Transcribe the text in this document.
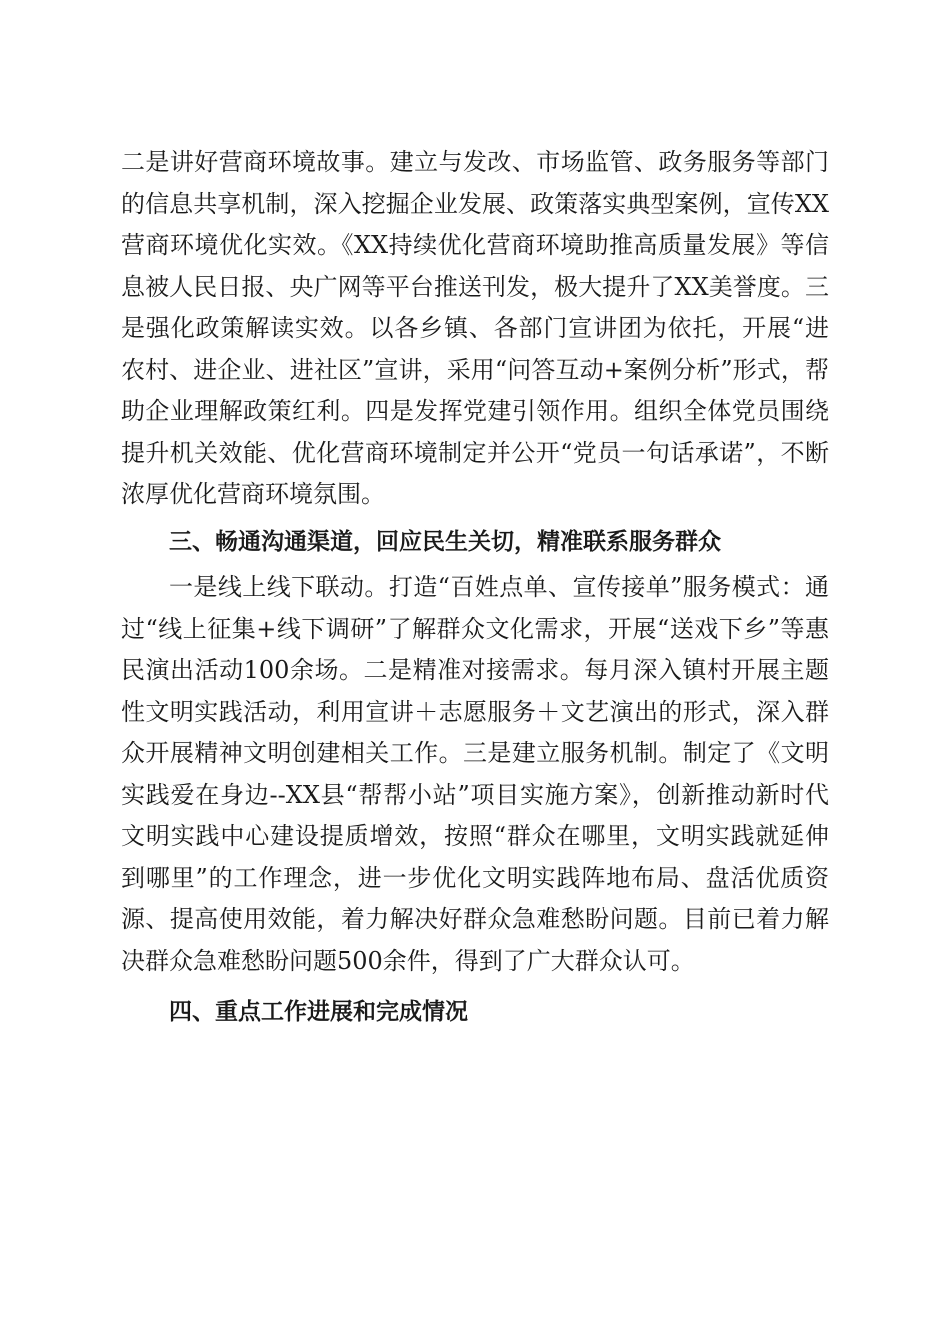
二是讲好营商环境故事。建立与发改、市场监管、政务服务等部门的信息共享机制，深入挖掘企业发展、政策落实典型案例，宣传XX营商环境优化实效。《XX持续优化营商环境助推高质量发展》等信息被人民日报、央广网等平台推送刊发，极大提升了XX美誉度。三是强化政策解读实效。以各乡镇、各部门宣讲团为依托，开展“进农村、进企业、进社区”宣讲，采用“问答互动+案例分析”形式，帮助企业理解政策红利。四是发挥党建引领作用。组织全体党员围绕提升机关效能、优化营商环境制定并公开“党员一句话承诺”，不断浓厚优化营商环境氛围。

三、畅通沟通渠道，回应民生关切，精准联系服务群众

一是线上线下联动。打造“百姓点单、宣传接单”服务模式：通过“线上征集+线下调研”了解群众文化需求，开展“送戏下乡”等惠民演出活动100余场。二是精准对接需求。每月深入镇村开展主题性文明实践活动，利用宣讲＋志愿服务＋文艺演出的形式，深入群众开展精神文明创建相关工作。三是建立服务机制。制定了《文明实践爱在身边--XX县“帮帮小站”项目实施方案》，创新推动新时代文明实践中心建设提质增效，按照“群众在哪里，文明实践就延伸到哪里”的工作理念，进一步优化文明实践阵地布局、盘活优质资源、提高使用效能，着力解决好群众急难愁盼问题。目前已着力解决群众急难愁盼问题500余件，得到了广大群众认可。

四、重点工作进展和完成情况
